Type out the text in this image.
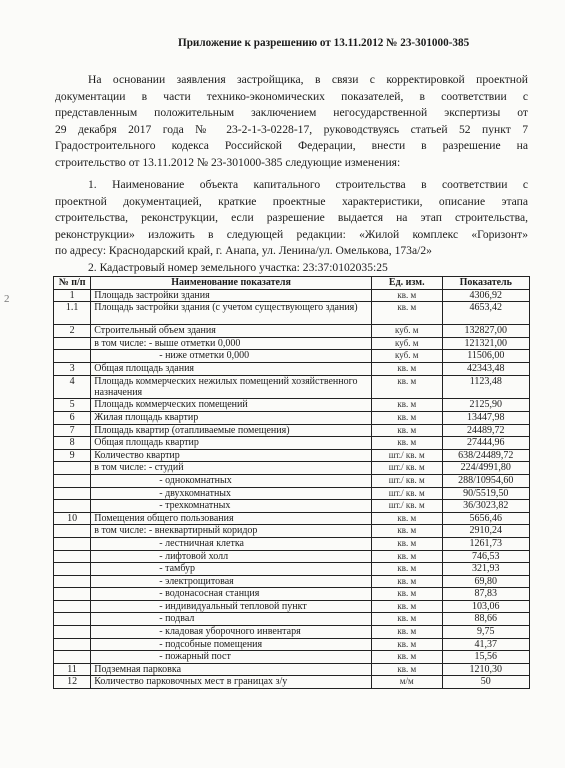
Приложение к разрешению от 13.11.2012 № 23-301000-385
На основании заявления застройщика, в связи с корректировкой проектной
документации в части технико-экономических показателей, в соответствии с
представленным положительным заключением негосударственной экспертизы от
29 декабря 2017 года № 23-2-1-3-0228-17, руководствуясь статьей 52 пункт 7
Градостроительного кодекса Российской Федерации, внести в разрешение на
строительство от 13.11.2012 № 23-301000-385 следующие изменения:
1. Наименование объекта капитального строительства в соответствии с
проектной документацией, краткие проектные характеристики, описание этапа
строительства, реконструкции, если разрешение выдается на этап строительства,
реконструкции» изложить в следующей редакции: «Жилой комплекс «Горизонт»
по адресу: Краснодарский край, г. Анапа, ул. Ленина/ул. Омелькова, 173а/2»
2. Кадастровый номер земельного участка: 23:37:0102035:25
2
№ п/п	Наименование показателя	Ед. изм.	Показатель
1	Площадь застройки здания	кв. м	4306,92
1.1	Площадь застройки здания (с учетом существующего здания)	кв. м	4653,42
2	Строительный объем здания	куб. м	132827,00
	в том числе: - выше отметки 0,000	куб. м	121321,00
	- ниже отметки 0,000	куб. м	11506,00
3	Общая площадь здания	кв. м	42343,48
4	Площадь коммерческих нежилых помещений хозяйственного назначения	кв. м	1123,48
5	Площадь коммерческих помещений	кв. м	2125,90
6	Жилая площадь квартир	кв. м	13447,98
7	Площадь квартир (отапливаемые помещения)	кв. м	24489,72
8	Общая площадь квартир	кв. м	27444,96
9	Количество квартир	шт./ кв. м	638/24489,72
	в том числе: - студий	шт./ кв. м	224/4991,80
	- однокомнатных	шт./ кв. м	288/10954,60
	- двухкомнатных	шт./ кв. м	90/5519,50
	- трехкомнатных	шт./ кв. м	36/3023,82
10	Помещения общего пользования	кв. м	5656,46
	в том числе: - внеквартирный коридор	кв. м	2910,24
	- лестничная клетка	кв. м	1261,73
	- лифтовой холл	кв. м	746,53
	- тамбур	кв. м	321,93
	- электрощитовая	кв. м	69,80
	- водонасосная станция	кв. м	87,83
	- индивидуальный тепловой пункт	кв. м	103,06
	- подвал	кв. м	88,66
	- кладовая уборочного инвентаря	кв. м	9,75
	- подсобные помещения	кв. м	41,37
	- пожарный пост	кв. м	15,56
11	Подземная парковка	кв. м	1210,30
12	Количество парковочных мест в границах з/у	м/м	50
